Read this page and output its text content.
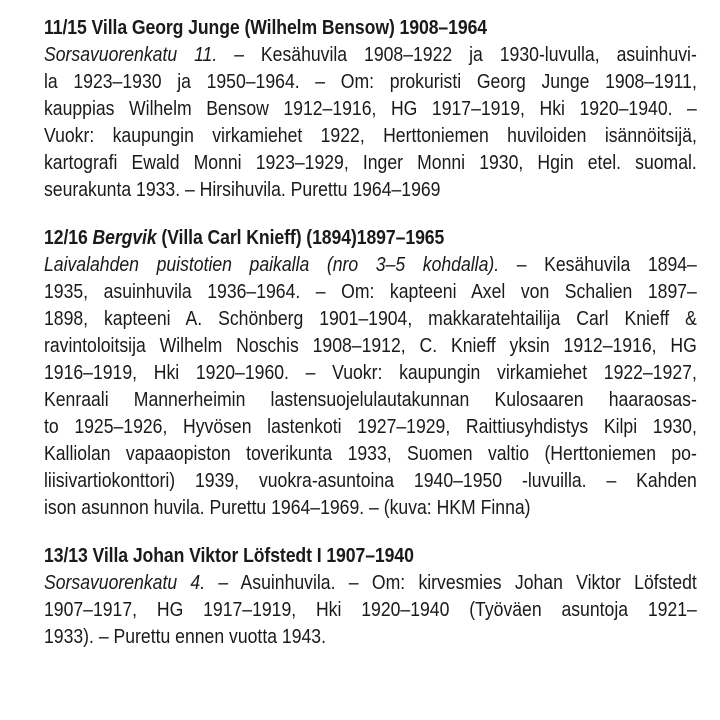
11/15 Villa Georg Junge (Wilhelm Bensow) 1908–1964
Sorsavuorenkatu 11. – Kesähuvila 1908–1922 ja 1930-luvulla, asuinhuvi-
la 1923–1930 ja 1950–1964. – Om: prokuristi Georg Junge 1908–1911,
kauppias Wilhelm Bensow 1912–1916, HG 1917–1919, Hki 1920–1940. –
Vuokr: kaupungin virkamiehet 1922, Herttoniemen huviloiden isännöitsijä,
kartografi Ewald Monni 1923–1929, Inger Monni 1930, Hgin etel. suomal.
seurakunta 1933. – Hirsihuvila. Purettu 1964–1969
12/16 Bergvik (Villa Carl Knieff) (1894)1897–1965
Laivalahden puistotien paikalla (nro 3–5 kohdalla). – Kesähuvila 1894–
1935, asuinhuvila 1936–1964. – Om: kapteeni Axel von Schalien 1897–
1898, kapteeni A. Schönberg 1901–1904, makkaratehtailija Carl Knieff &
ravintoloitsija Wilhelm Noschis 1908–1912, C. Knieff yksin 1912–1916, HG
1916–1919, Hki 1920–1960. – Vuokr: kaupungin virkamiehet 1922–1927,
Kenraali Mannerheimin lastensuojelulautakunnan Kulosaaren haaraosas-
to 1925–1926, Hyvösen lastenkoti 1927–1929, Raittiusyhdistys Kilpi 1930,
Kalliolan vapaaopiston toverikunta 1933, Suomen valtio (Herttoniemen po-
liisivartiokonttori) 1939, vuokra-asuntoina 1940–1950 -luvuilla. – Kahden
ison asunnon huvila. Purettu 1964–1969. – (kuva: HKM Finna)
13/13 Villa Johan Viktor Löfstedt I 1907–1940
Sorsavuorenkatu 4. – Asuinhuvila. – Om: kirvesmies Johan Viktor Löfstedt
1907–1917, HG 1917–1919, Hki 1920–1940 (Työväen asuntoja 1921–
1933). – Purettu ennen vuotta 1943.
